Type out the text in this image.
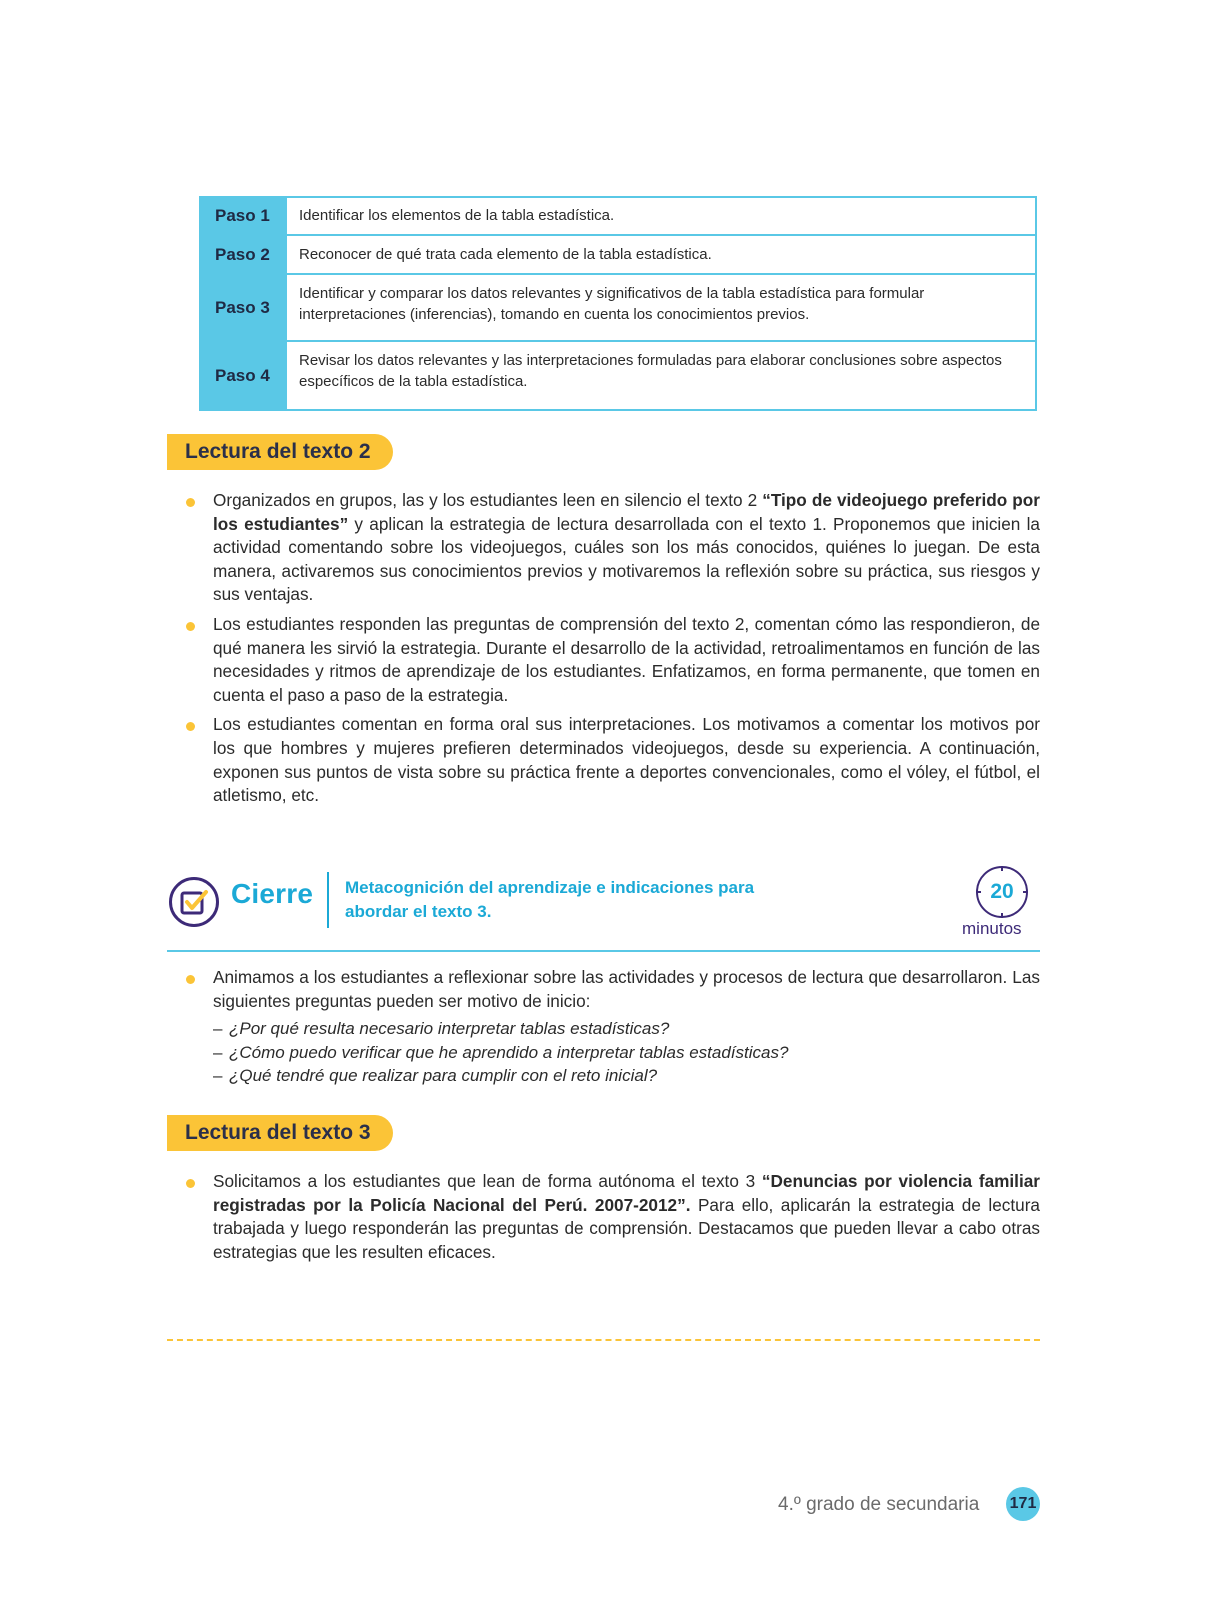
Paso 1	Identificar los elementos de la tabla estadística.
Paso 2	Reconocer de qué trata cada elemento de la tabla estadística.
Paso 3
Identificar y comparar los datos relevantes y significativos de la tabla estadística para formular interpretaciones (inferencias), tomando en cuenta los conocimientos previos.
Paso 4
Revisar los datos relevantes y las interpretaciones formuladas para elaborar conclusiones sobre aspectos específicos de la tabla estadística.
Lectura del texto 2
Organizados en grupos, las y los estudiantes leen en silencio el texto 2 “Tipo de videojuego preferido por los estudiantes” y aplican la estrategia de lectura desarrollada con el texto 1. Proponemos que inicien la actividad comentando sobre los videojuegos, cuáles son los más conocidos, quiénes lo juegan. De esta manera, activaremos sus conocimientos previos y motivaremos la reflexión sobre su práctica, sus riesgos y sus ventajas.
Los estudiantes responden las preguntas de comprensión del texto 2, comentan cómo las respondieron, de qué manera les sirvió la estrategia. Durante el desarrollo de la actividad, retroalimentamos en función de las necesidades y ritmos de aprendizaje de los estudiantes. Enfatizamos, en forma permanente, que tomen en cuenta el paso a paso de la estrategia.
Los estudiantes comentan en forma oral sus interpretaciones. Los motivamos a comentar los motivos por los que hombres y mujeres prefieren determinados videojuegos, desde su experiencia. A continuación, exponen sus puntos de vista sobre su práctica frente a deportes convencionales, como el vóley, el fútbol, el atletismo, etc.
Cierre Metacognición del aprendizaje e indicaciones para abordar el texto 3.
20
minutos
Animamos a los estudiantes a reflexionar sobre las actividades y procesos de lectura que desarrollaron. Las siguientes preguntas pueden ser motivo de inicio:
– ¿Por qué resulta necesario interpretar tablas estadísticas?
– ¿Cómo puedo verificar que he aprendido a interpretar tablas estadísticas?
– ¿Qué tendré que realizar para cumplir con el reto inicial?
Lectura del texto 3
Solicitamos a los estudiantes que lean de forma autónoma el texto 3 “Denuncias por violencia familiar registradas por la Policía Nacional del Perú. 2007-2012”. Para ello, aplicarán la estrategia de lectura trabajada y luego responderán las preguntas de comprensión. Destacamos que pueden llevar a cabo otras estrategias que les resulten eficaces.
4.º grado de secundaria 171
